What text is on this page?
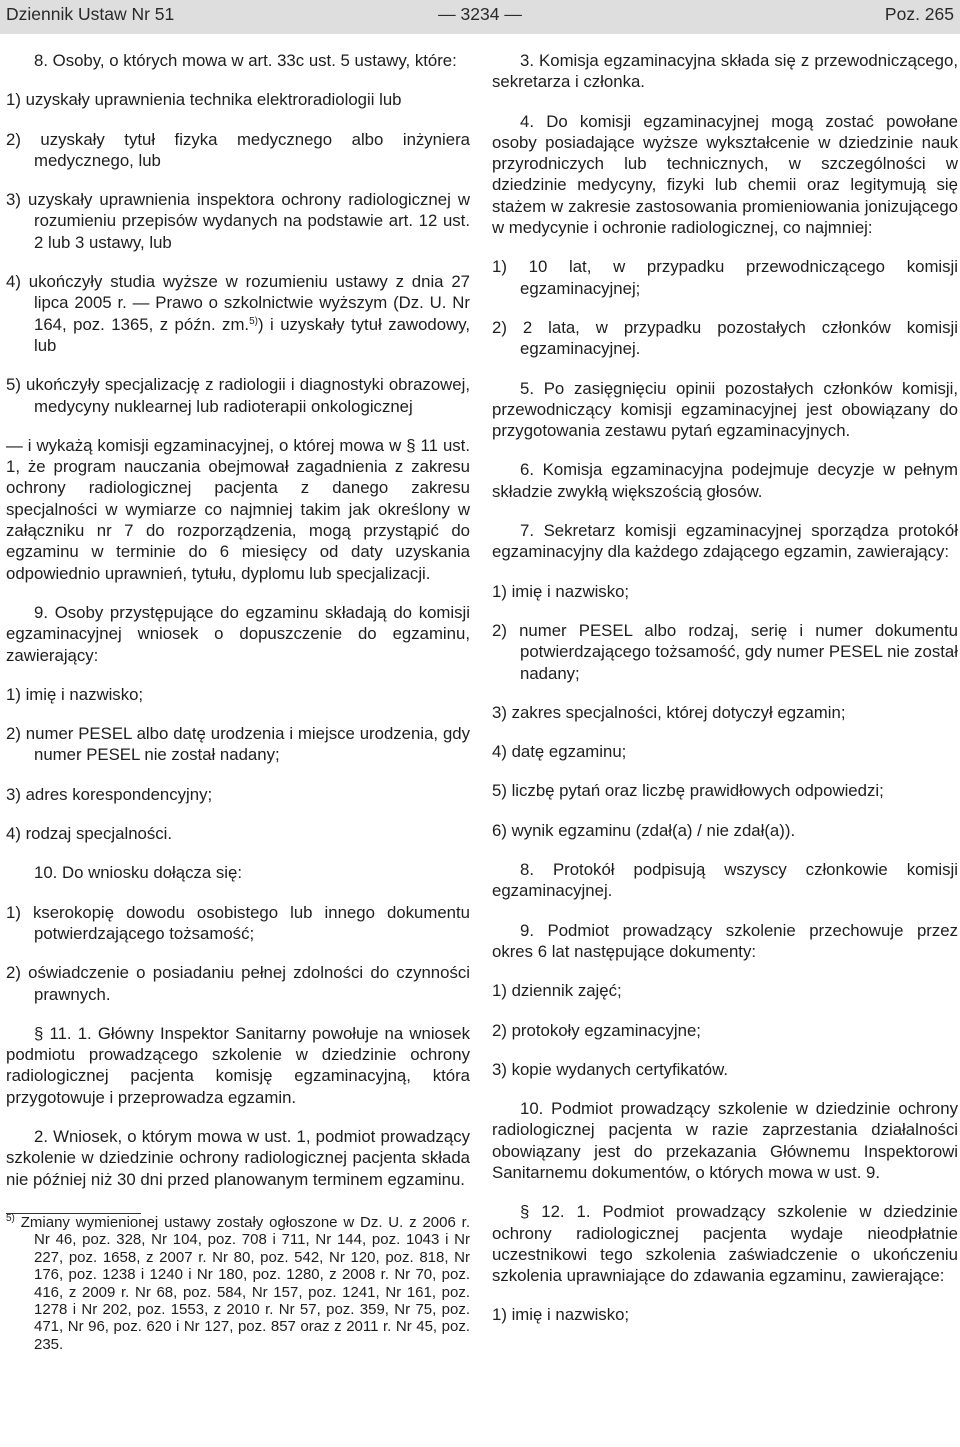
Dziennik Ustaw Nr 51	— 3234 —	Poz. 265

8. Osoby, o których mowa w art. 33c ust. 5 ustawy, które:

1) uzyskały uprawnienia technika elektroradiologii lub

2) uzyskały tytuł fizyka medycznego albo inżyniera medycznego, lub

3) uzyskały uprawnienia inspektora ochrony radiologicznej w rozumieniu przepisów wydanych na podstawie art. 12 ust. 2 lub 3 ustawy, lub

4) ukończyły studia wyższe w rozumieniu ustawy z dnia 27 lipca 2005 r. — Prawo o szkolnictwie wyższym (Dz. U. Nr 164, poz. 1365, z późn. zm.$^{5)}$) i uzyskały tytuł zawodowy, lub

5) ukończyły specjalizację z radiologii i diagnostyki obrazowej, medycyny nuklearnej lub radioterapii onkologicznej

— i wykażą komisji egzaminacyjnej, o której mowa w § 11 ust. 1, że program nauczania obejmował zagadnienia z zakresu ochrony radiologicznej pacjenta z danego zakresu specjalności w wymiarze co najmniej takim jak określony w załączniku nr 7 do rozporządzenia, mogą przystąpić do egzaminu w terminie do 6 miesięcy od daty uzyskania odpowiednio uprawnień, tytułu, dyplomu lub specjalizacji.

9. Osoby przystępujące do egzaminu składają do komisji egzaminacyjnej wniosek o dopuszczenie do egzaminu, zawierający:

1) imię i nazwisko;

2) numer PESEL albo datę urodzenia i miejsce urodzenia, gdy numer PESEL nie został nadany;

3) adres korespondencyjny;

4) rodzaj specjalności.

10. Do wniosku dołącza się:

1) kserokopię dowodu osobistego lub innego dokumentu potwierdzającego tożsamość;

2) oświadczenie o posiadaniu pełnej zdolności do czynności prawnych.

§ 11. 1. Główny Inspektor Sanitarny powołuje na wniosek podmiotu prowadzącego szkolenie w dziedzinie ochrony radiologicznej pacjenta komisję egzaminacyjną, która przygotowuje i przeprowadza egzamin.

2. Wniosek, o którym mowa w ust. 1, podmiot prowadzący szkolenie w dziedzinie ochrony radiologicznej pacjenta składa nie później niż 30 dni przed planowanym terminem egzaminu.

$^{5)}$ Zmiany wymienionej ustawy zostały ogłoszone w Dz. U. z 2006 r. Nr 46, poz. 328, Nr 104, poz. 708 i 711, Nr 144, poz. 1043 i Nr 227, poz. 1658, z 2007 r. Nr 80, poz. 542, Nr 120, poz. 818, Nr 176, poz. 1238 i 1240 i Nr 180, poz. 1280, z 2008 r. Nr 70, poz. 416, z 2009 r. Nr 68, poz. 584, Nr 157, poz. 1241, Nr 161, poz. 1278 i Nr 202, poz. 1553, z 2010 r. Nr 57, poz. 359, Nr 75, poz. 471, Nr 96, poz. 620 i Nr 127, poz. 857 oraz z 2011 r. Nr 45, poz. 235.

3. Komisja egzaminacyjna składa się z przewodniczącego, sekretarza i członka.

4. Do komisji egzaminacyjnej mogą zostać powołane osoby posiadające wyższe wykształcenie w dziedzinie nauk przyrodniczych lub technicznych, w szczególności w dziedzinie medycyny, fizyki lub chemii oraz legitymują się stażem w zakresie zastosowania promieniowania jonizującego w medycynie i ochronie radiologicznej, co najmniej:

1) 10 lat, w przypadku przewodniczącego komisji egzaminacyjnej;

2) 2 lata, w przypadku pozostałych członków komisji egzaminacyjnej.

5. Po zasięgnięciu opinii pozostałych członków komisji, przewodniczący komisji egzaminacyjnej jest obowiązany do przygotowania zestawu pytań egzaminacyjnych.

6. Komisja egzaminacyjna podejmuje decyzje w pełnym składzie zwykłą większością głosów.

7. Sekretarz komisji egzaminacyjnej sporządza protokół egzaminacyjny dla każdego zdającego egzamin, zawierający:

1) imię i nazwisko;

2) numer PESEL albo rodzaj, serię i numer dokumentu potwierdzającego tożsamość, gdy numer PESEL nie został nadany;

3) zakres specjalności, której dotyczył egzamin;

4) datę egzaminu;

5) liczbę pytań oraz liczbę prawidłowych odpowiedzi;

6) wynik egzaminu (zdał(a) / nie zdał(a)).

8. Protokół podpisują wszyscy członkowie komisji egzaminacyjnej.

9. Podmiot prowadzący szkolenie przechowuje przez okres 6 lat następujące dokumenty:

1) dziennik zajęć;

2) protokoły egzaminacyjne;

3) kopie wydanych certyfikatów.

10. Podmiot prowadzący szkolenie w dziedzinie ochrony radiologicznej pacjenta w razie zaprzestania działalności obowiązany jest do przekazania Głównemu Inspektorowi Sanitarnemu dokumentów, o których mowa w ust. 9.

§ 12. 1. Podmiot prowadzący szkolenie w dziedzinie ochrony radiologicznej pacjenta wydaje nieodpłatnie uczestnikowi tego szkolenia zaświadczenie o ukończeniu szkolenia uprawniające do zdawania egzaminu, zawierające:

1) imię i nazwisko;
